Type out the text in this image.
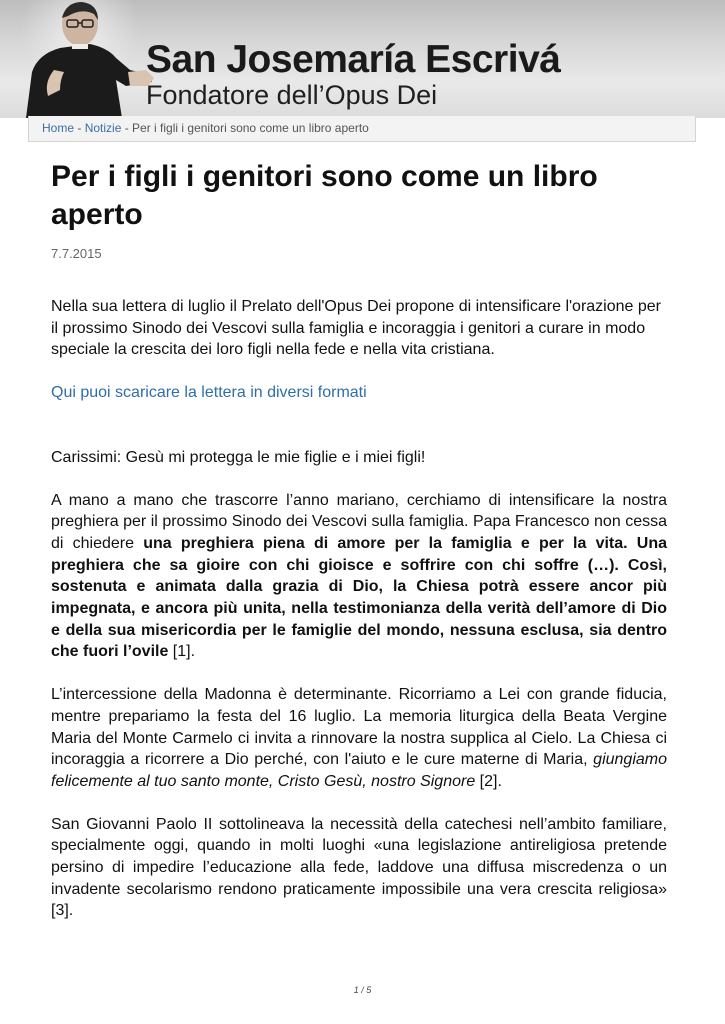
San Josemaría Escrivá
Fondatore dell’Opus Dei
Home - Notizie - Per i figli i genitori sono come un libro aperto
Per i figli i genitori sono come un libro aperto
7.7.2015

Nella sua lettera di luglio il Prelato dell'Opus Dei propone di intensificare l'orazione per il prossimo Sinodo dei Vescovi sulla famiglia e incoraggia i genitori a curare in modo speciale la crescita dei loro figli nella fede e nella vita cristiana.

Qui puoi scaricare la lettera in diversi formati

Carissimi: Gesù mi protegga le mie figlie e i miei figli!

A mano a mano che trascorre l’anno mariano, cerchiamo di intensificare la nostra preghiera per il prossimo Sinodo dei Vescovi sulla famiglia. Papa Francesco non cessa di chiedere una preghiera piena di amore per la famiglia e per la vita. Una preghiera che sa gioire con chi gioisce e soffrire con chi soffre (…). Così, sostenuta e animata dalla grazia di Dio, la Chiesa potrà essere ancor più impegnata, e ancora più unita, nella testimonianza della verità dell’amore di Dio e della sua misericordia per le famiglie del mondo, nessuna esclusa, sia dentro che fuori l’ovile [1].

L’intercessione della Madonna è determinante. Ricorriamo a Lei con grande fiducia, mentre prepariamo la festa del 16 luglio. La memoria liturgica della Beata Vergine Maria del Monte Carmelo ci invita a rinnovare la nostra supplica al Cielo. La Chiesa ci incoraggia a ricorrere a Dio perché, con l'aiuto e le cure materne di Maria, giungiamo felicemente al tuo santo monte, Cristo Gesù, nostro Signore [2].

San Giovanni Paolo II sottolineava la necessità della catechesi nell’ambito familiare, specialmente oggi, quando in molti luoghi «una legislazione antireligiosa pretende persino di impedire l’educazione alla fede, laddove una diffusa miscredenza o un invadente secolarismo rendono praticamente impossibile una vera crescita religiosa» [3].

1 / 5
